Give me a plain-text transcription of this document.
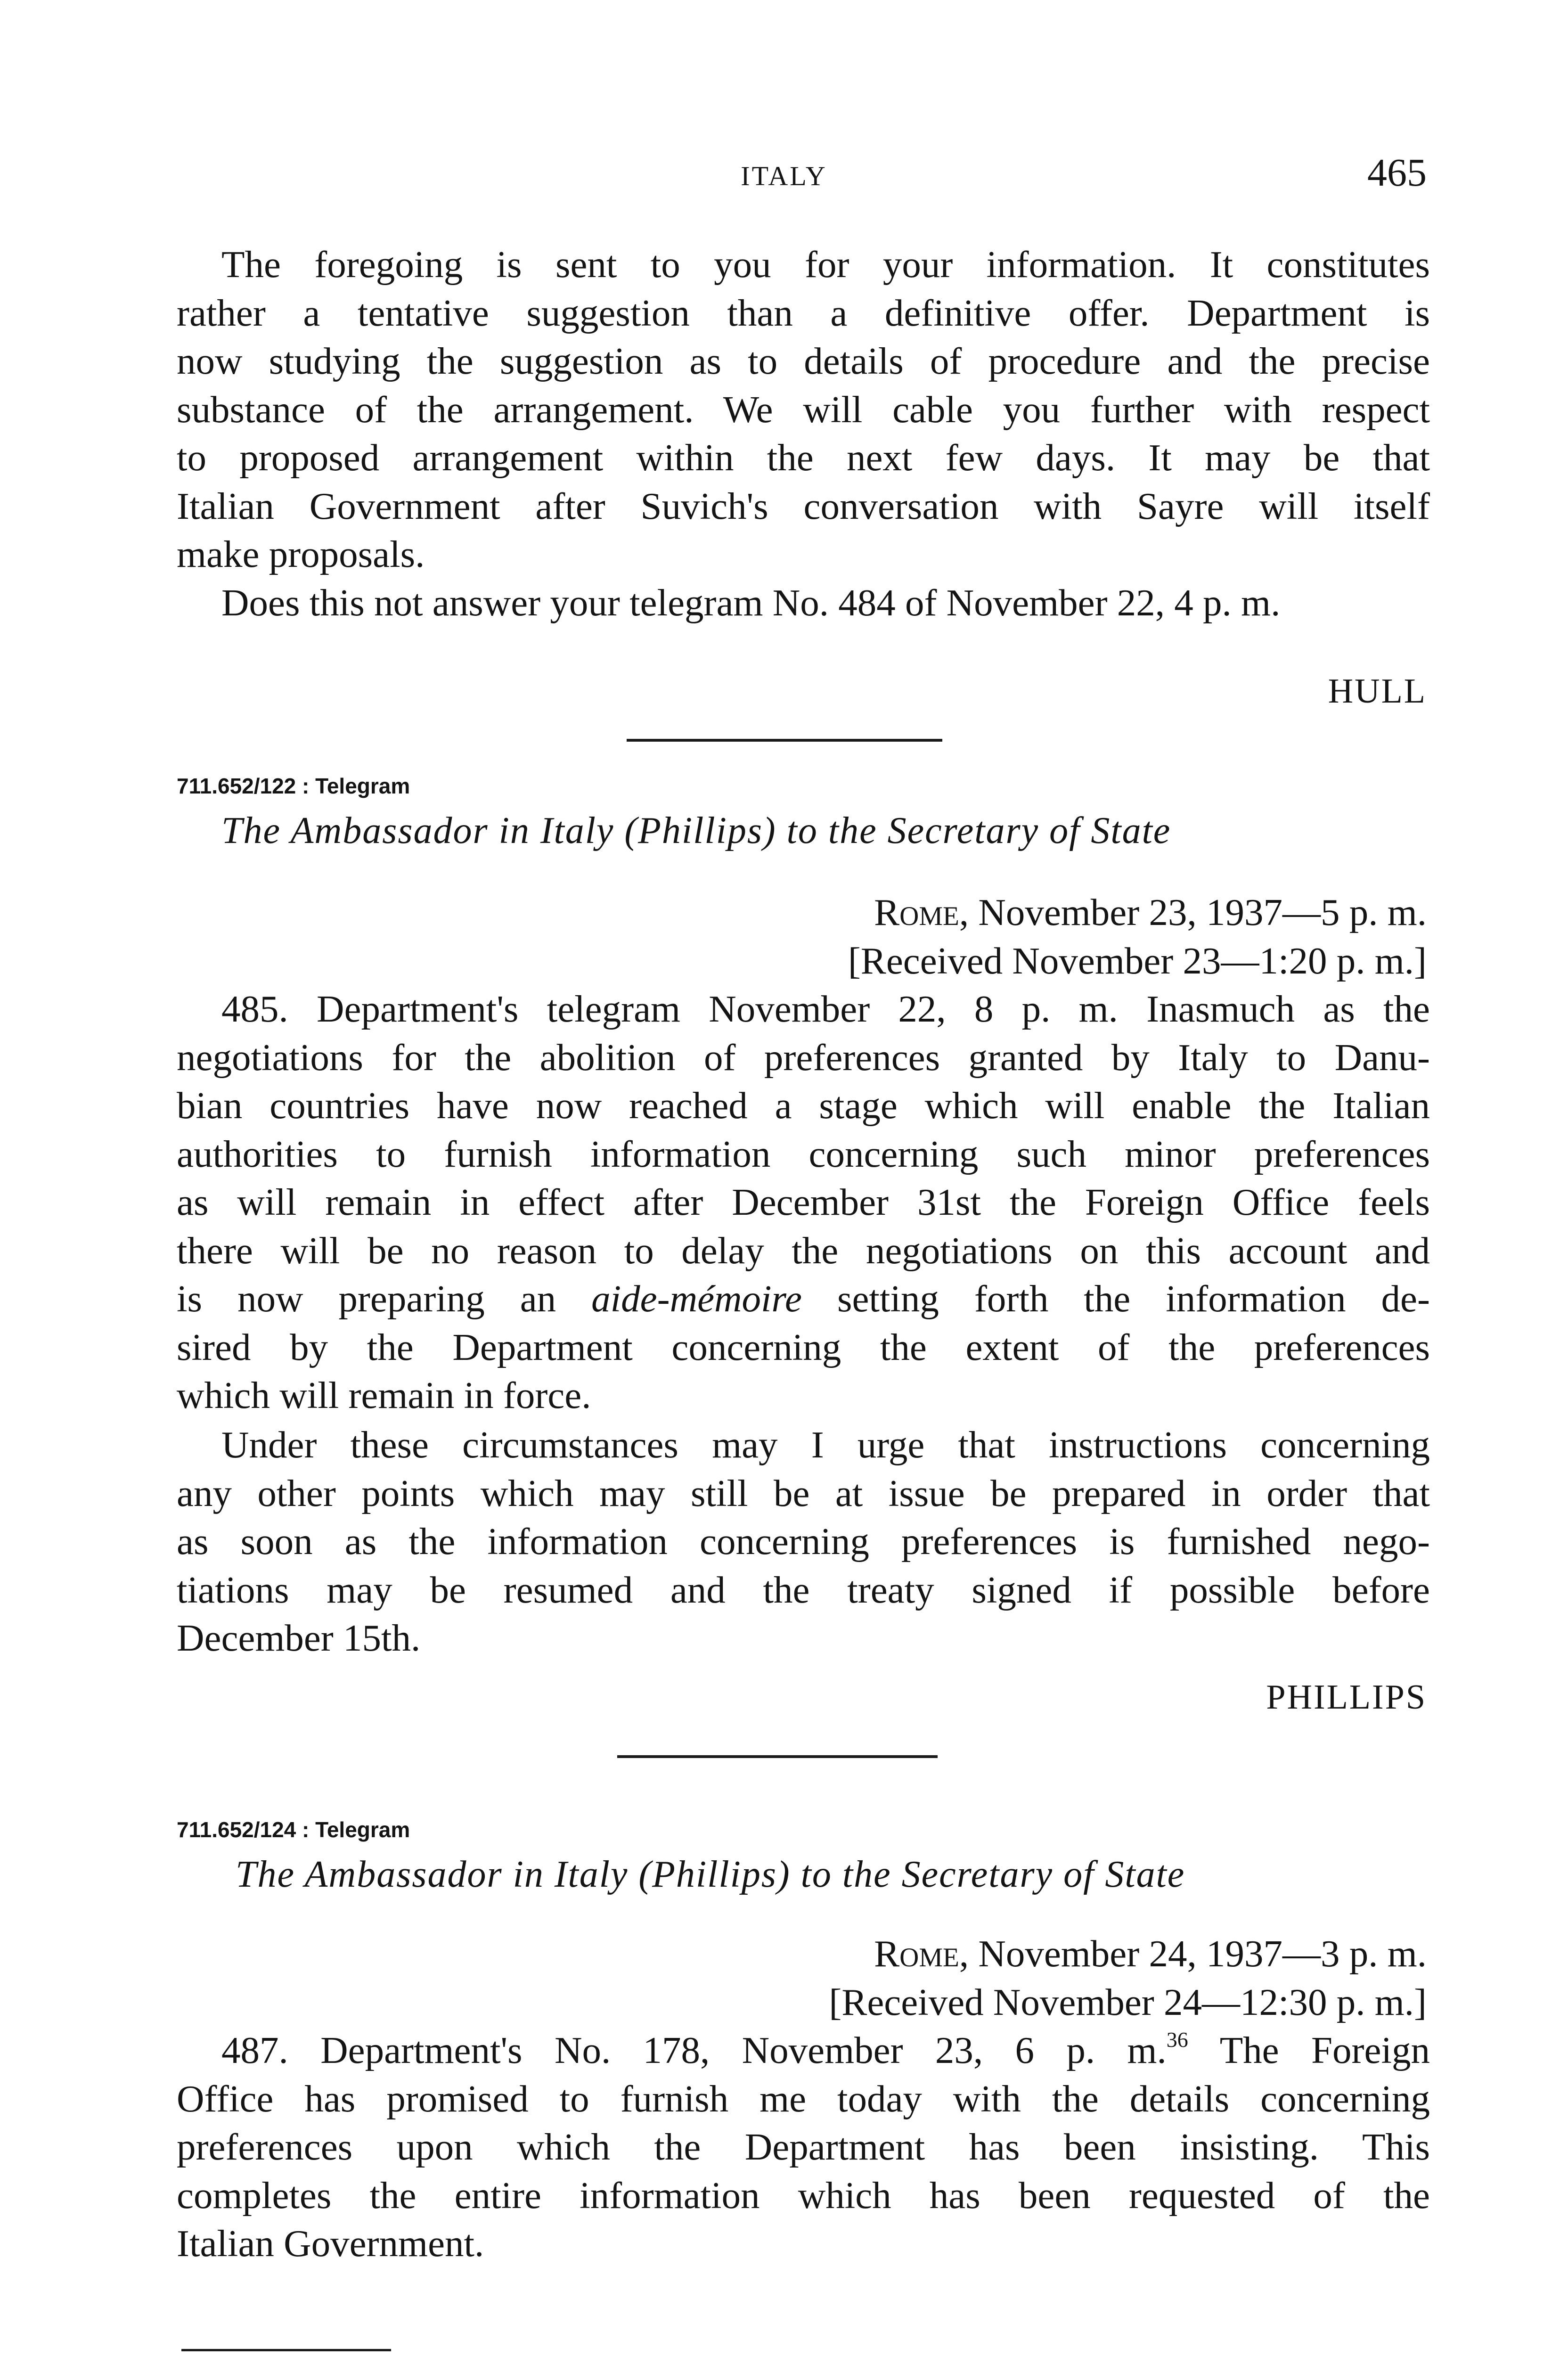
ITALY	465
The foregoing is sent to you for your information. It constitutes
rather a tentative suggestion than a definitive offer. Department is
now studying the suggestion as to details of procedure and the precise
substance of the arrangement. We will cable you further with respect
to proposed arrangement within the next few days. It may be that
Italian Government after Suvich's conversation with Sayre will itself
make proposals.
Does this not answer your telegram No. 484 of November 22, 4 p. m.
HULL
711.652/122 : Telegram
The Ambassador in Italy (Phillips) to the Secretary of State
Rome, November 23, 1937—5 p. m.
[Received November 23—1:20 p. m.]
485. Department's telegram November 22, 8 p. m. Inasmuch as the
negotiations for the abolition of preferences granted by Italy to Danu-
bian countries have now reached a stage which will enable the Italian
authorities to furnish information concerning such minor preferences
as will remain in effect after December 31st the Foreign Office feels
there will be no reason to delay the negotiations on this account and
is now preparing an aide-mémoire setting forth the information de-
sired by the Department concerning the extent of the preferences
which will remain in force.
Under these circumstances may I urge that instructions concerning
any other points which may still be at issue be prepared in order that
as soon as the information concerning preferences is furnished nego-
tiations may be resumed and the treaty signed if possible before
December 15th.
PHILLIPS
711.652/124 : Telegram
The Ambassador in Italy (Phillips) to the Secretary of State
Rome, November 24, 1937—3 p. m.
[Received November 24—12:30 p. m.]
487. Department's No. 178, November 23, 6 p. m.$^{36}$ The Foreign
Office has promised to furnish me today with the details concerning
preferences upon which the Department has been insisting. This
completes the entire information which has been requested of the
Italian Government.
